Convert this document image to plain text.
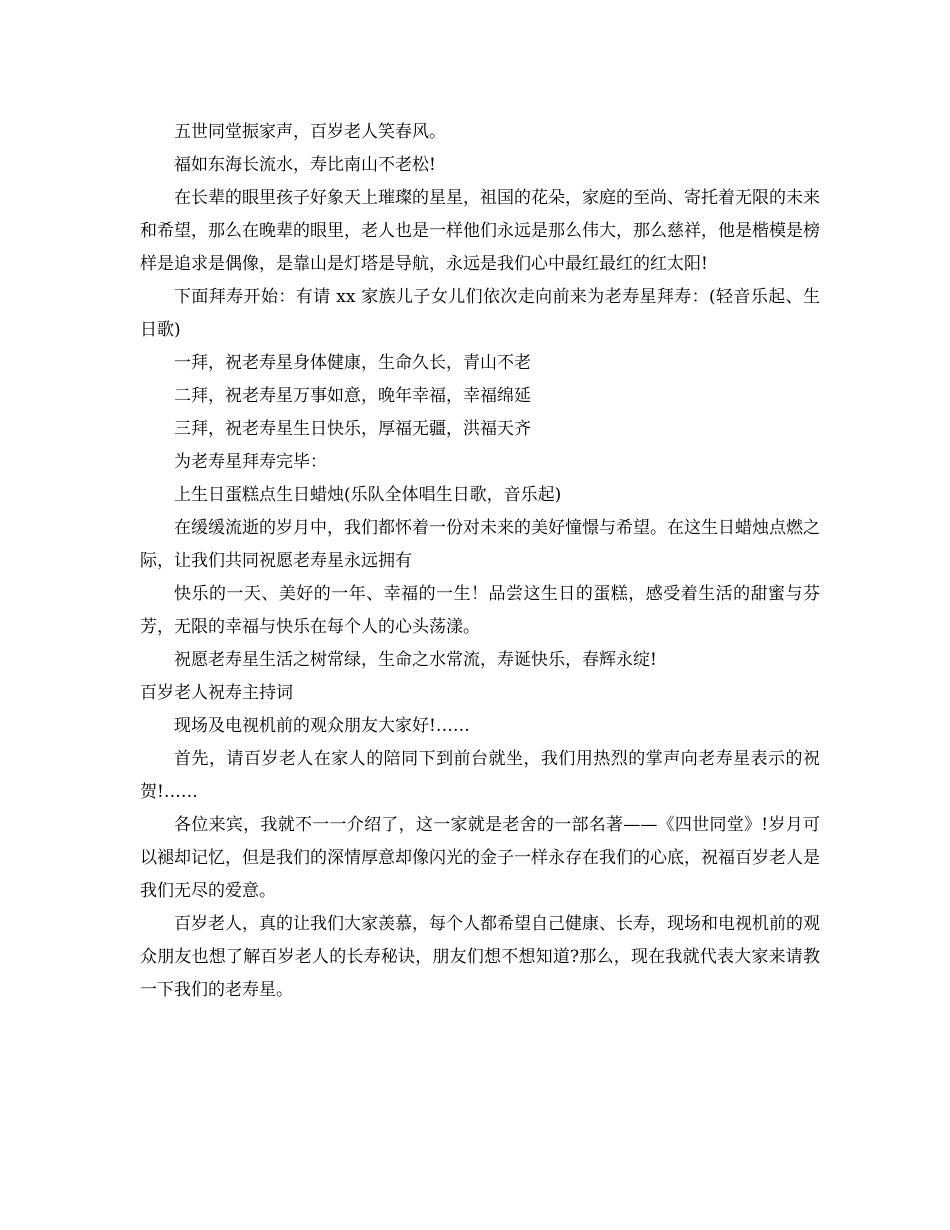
五世同堂振家声，百岁老人笑春风。

福如东海长流水，寿比南山不老松!

在长辈的眼里孩子好象天上璀璨的星星，祖国的花朵，家庭的至尚、寄托着无限的未来和希望，那么在晚辈的眼里，老人也是一样他们永远是那么伟大，那么慈祥，他是楷模是榜样是追求是偶像，是靠山是灯塔是导航，永远是我们心中最红最红的红太阳!

下面拜寿开始：有请 xx 家族儿子女儿们依次走向前来为老寿星拜寿：(轻音乐起、生日歌)

一拜，祝老寿星身体健康，生命久长，青山不老

二拜，祝老寿星万事如意，晚年幸福，幸福绵延

三拜，祝老寿星生日快乐，厚福无疆，洪福天齐

为老寿星拜寿完毕：

上生日蛋糕点生日蜡烛(乐队全体唱生日歌，音乐起)

在缓缓流逝的岁月中，我们都怀着一份对未来的美好憧憬与希望。在这生日蜡烛点燃之际，让我们共同祝愿老寿星永远拥有

快乐的一天、美好的一年、幸福的一生！品尝这生日的蛋糕，感受着生活的甜蜜与芬芳，无限的幸福与快乐在每个人的心头荡漾。

祝愿老寿星生活之树常绿，生命之水常流，寿诞快乐，春辉永绽!

百岁老人祝寿主持词

现场及电视机前的观众朋友大家好!……

首先，请百岁老人在家人的陪同下到前台就坐，我们用热烈的掌声向老寿星表示的祝贺!……

各位来宾，我就不一一介绍了，这一家就是老舍的一部名著——《四世同堂》!岁月可以褪却记忆，但是我们的深情厚意却像闪光的金子一样永存在我们的心底，祝福百岁老人是我们无尽的爱意。

百岁老人，真的让我们大家羡慕，每个人都希望自己健康、长寿，现场和电视机前的观众朋友也想了解百岁老人的长寿秘诀，朋友们想不想知道?那么，现在我就代表大家来请教一下我们的老寿星。
